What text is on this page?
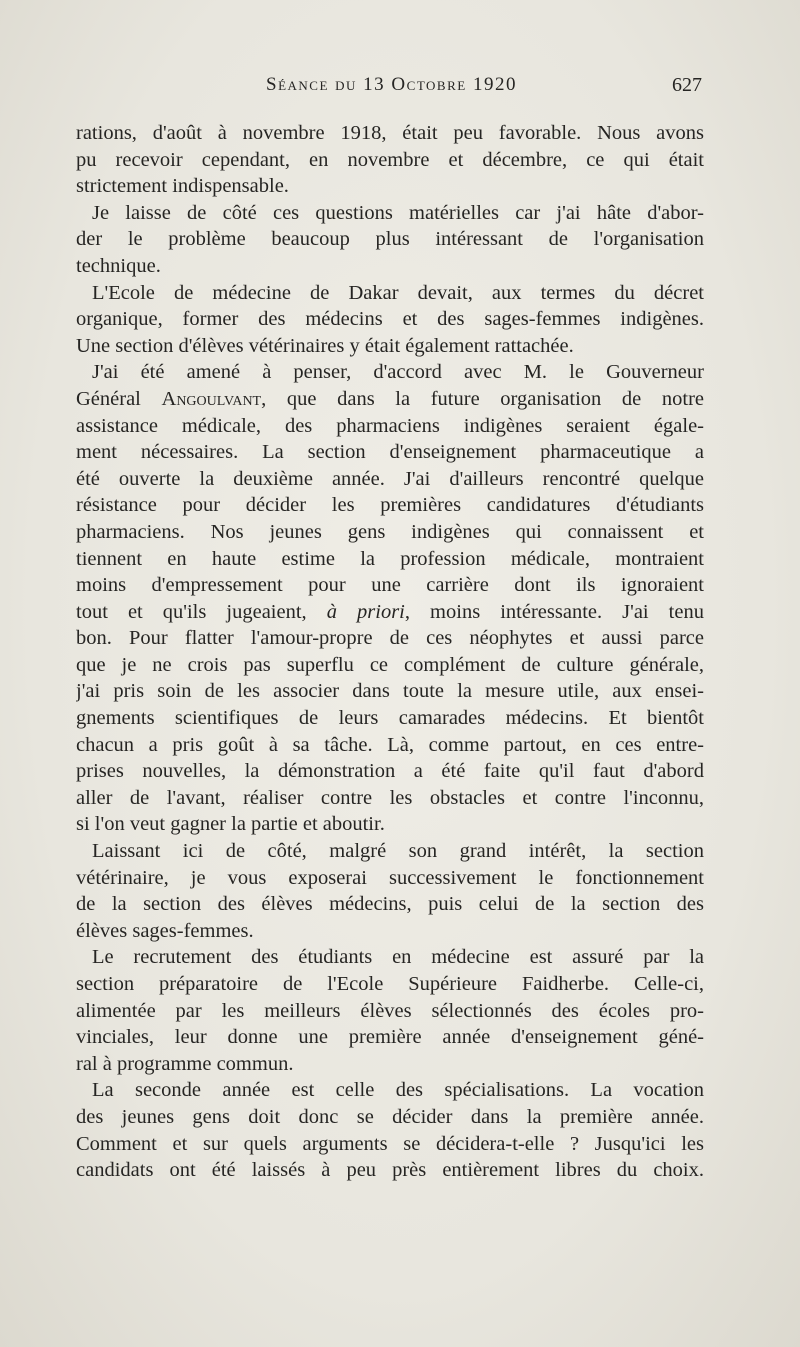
Séance du 13 Octobre 1920	627
rations, d'août à novembre 1918, était peu favorable. Nous avons
pu recevoir cependant, en novembre et décembre, ce qui était
strictement indispensable.
Je laisse de côté ces questions matérielles car j'ai hâte d'abor-
der le problème beaucoup plus intéressant de l'organisation
technique.
L'Ecole de médecine de Dakar devait, aux termes du décret
organique, former des médecins et des sages-femmes indigènes.
Une section d'élèves vétérinaires y était également rattachée.
J'ai été amené à penser, d'accord avec M. le Gouverneur
Général Angoulvant, que dans la future organisation de notre
assistance médicale, des pharmaciens indigènes seraient égale-
ment nécessaires. La section d'enseignement pharmaceutique a
été ouverte la deuxième année. J'ai d'ailleurs rencontré quelque
résistance pour décider les premières candidatures d'étudiants
pharmaciens. Nos jeunes gens indigènes qui connaissent et
tiennent en haute estime la profession médicale, montraient
moins d'empressement pour une carrière dont ils ignoraient
tout et qu'ils jugeaient, à priori, moins intéressante. J'ai tenu
bon. Pour flatter l'amour-propre de ces néophytes et aussi parce
que je ne crois pas superflu ce complément de culture générale,
j'ai pris soin de les associer dans toute la mesure utile, aux ensei-
gnements scientifiques de leurs camarades médecins. Et bientôt
chacun a pris goût à sa tâche. Là, comme partout, en ces entre-
prises nouvelles, la démonstration a été faite qu'il faut d'abord
aller de l'avant, réaliser contre les obstacles et contre l'inconnu,
si l'on veut gagner la partie et aboutir.
Laissant ici de côté, malgré son grand intérêt, la section
vétérinaire, je vous exposerai successivement le fonctionnement
de la section des élèves médecins, puis celui de la section des
élèves sages-femmes.
Le recrutement des étudiants en médecine est assuré par la
section préparatoire de l'Ecole Supérieure Faidherbe. Celle-ci,
alimentée par les meilleurs élèves sélectionnés des écoles pro-
vinciales, leur donne une première année d'enseignement géné-
ral à programme commun.
La seconde année est celle des spécialisations. La vocation
des jeunes gens doit donc se décider dans la première année.
Comment et sur quels arguments se décidera-t-elle ? Jusqu'ici les
candidats ont été laissés à peu près entièrement libres du choix.
